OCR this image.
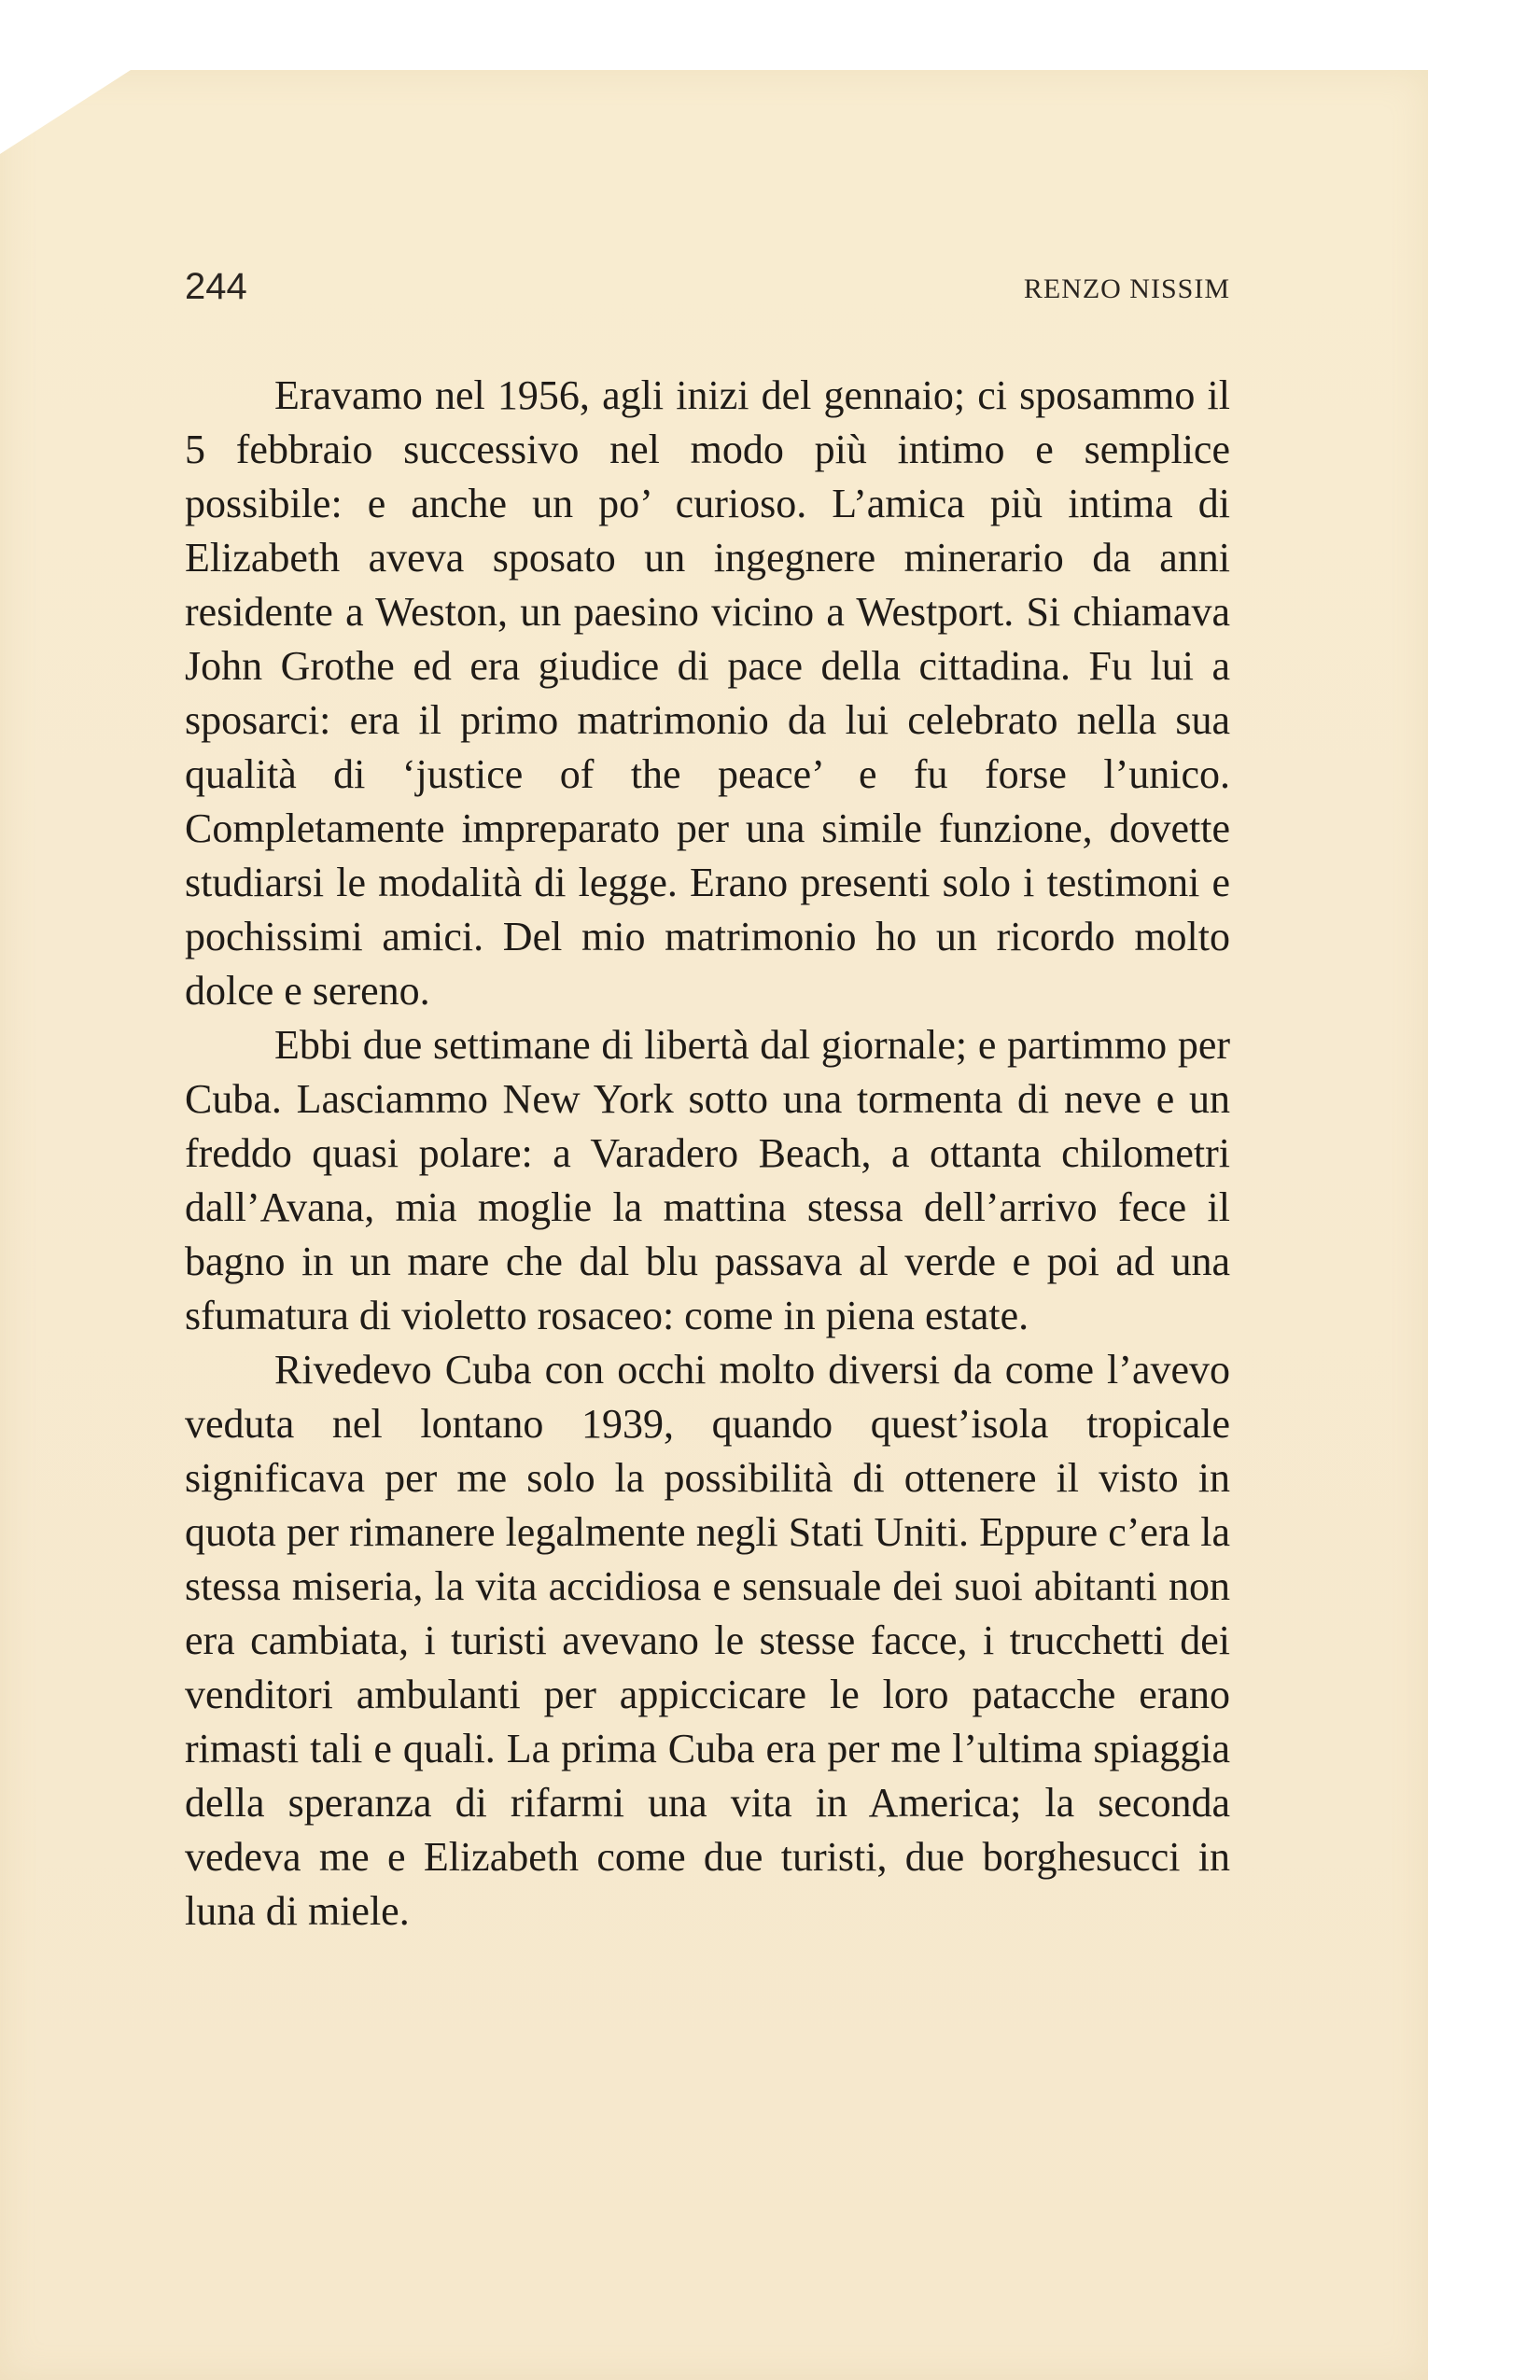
244	RENZO NISSIM

Eravamo nel 1956, agli inizi del gennaio; ci sposammo il 5 febbraio successivo nel modo più intimo e semplice possibile: e anche un po’ curioso. L’amica più intima di Elizabeth aveva sposato un ingegnere minerario da anni residente a Weston, un paesino vicino a Westport. Si chiamava John Grothe ed era giudice di pace della cittadina. Fu lui a sposarci: era il primo matrimonio da lui celebrato nella sua qualità di ‘justice of the peace’ e fu forse l’unico. Completamente impreparato per una simile funzione, dovette studiarsi le modalità di legge. Erano presenti solo i testimoni e pochissimi amici. Del mio matrimonio ho un ricordo molto dolce e sereno.

Ebbi due settimane di libertà dal giornale; e partimmo per Cuba. Lasciammo New York sotto una tormenta di neve e un freddo quasi polare: a Varadero Beach, a ottanta chilometri dall’Avana, mia moglie la mattina stessa dell’arrivo fece il bagno in un mare che dal blu passava al verde e poi ad una sfumatura di violetto rosaceo: come in piena estate.

Rivedevo Cuba con occhi molto diversi da come l’avevo veduta nel lontano 1939, quando quest’isola tropicale significava per me solo la possibilità di ottenere il visto in quota per rimanere legalmente negli Stati Uniti. Eppure c’era la stessa miseria, la vita accidiosa e sensuale dei suoi abitanti non era cambiata, i turisti avevano le stesse facce, i trucchetti dei venditori ambulanti per appiccicare le loro patacche erano rimasti tali e quali. La prima Cuba era per me l’ultima spiaggia della speranza di rifarmi una vita in America; la seconda vedeva me e Elizabeth come due turisti, due borghesucci in luna di miele.
